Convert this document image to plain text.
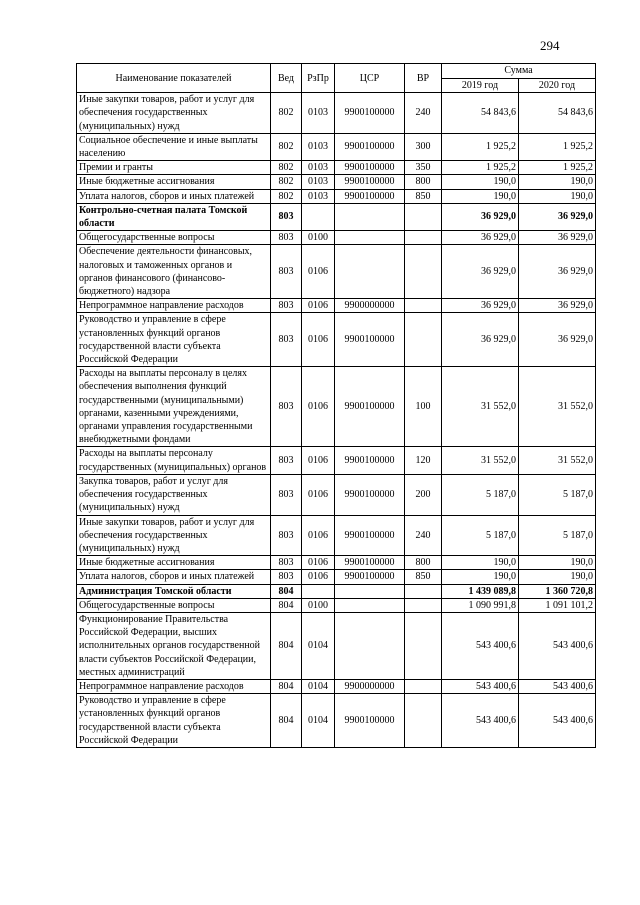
294
Наименование показателей	Вед	РзПр	ЦСР	ВР	Сумма	
					2019 год	2020 год
Иные закупки товаров, работ и услуг для обеспечения государственных (муниципальных) нужд	802	0103	9900100000	240	54 843,6	54 843,6
Социальное обеспечение и иные выплаты населению	802	0103	9900100000	300	1 925,2	1 925,2
Премии и гранты	802	0103	9900100000	350	1 925,2	1 925,2
Иные бюджетные ассигнования	802	0103	9900100000	800	190,0	190,0
Уплата налогов, сборов и иных платежей	802	0103	9900100000	850	190,0	190,0
Контрольно-счетная палата Томской области	803				36 929,0	36 929,0
Общегосударственные вопросы	803	0100			36 929,0	36 929,0
Обеспечение деятельности финансовых, налоговых и таможенных органов и органов финансового (финансово-бюджетного) надзора	803	0106			36 929,0	36 929,0
Непрограммное направление расходов	803	0106	9900000000		36 929,0	36 929,0
Руководство и управление в сфере установленных функций органов государственной власти субъекта Российской Федерации	803	0106	9900100000		36 929,0	36 929,0
Расходы на выплаты персоналу в целях обеспечения выполнения функций государственными (муниципальными) органами, казенными учреждениями, органами управления государственными внебюджетными фондами	803	0106	9900100000	100	31 552,0	31 552,0
Расходы на выплаты персоналу государственных (муниципальных) органов	803	0106	9900100000	120	31 552,0	31 552,0
Закупка товаров, работ и услуг для обеспечения государственных (муниципальных) нужд	803	0106	9900100000	200	5 187,0	5 187,0
Иные закупки товаров, работ и услуг для обеспечения государственных (муниципальных) нужд	803	0106	9900100000	240	5 187,0	5 187,0
Иные бюджетные ассигнования	803	0106	9900100000	800	190,0	190,0
Уплата налогов, сборов и иных платежей	803	0106	9900100000	850	190,0	190,0
Администрация Томской области	804				1 439 089,8	1 360 720,8
Общегосударственные вопросы	804	0100			1 090 991,8	1 091 101,2
Функционирование Правительства Российской Федерации, высших исполнительных органов государственной власти субъектов Российской Федерации, местных администраций	804	0104			543 400,6	543 400,6
Непрограммное направление расходов	804	0104	9900000000		543 400,6	543 400,6
Руководство и управление в сфере установленных функций органов государственной власти субъекта Российской Федерации	804	0104	9900100000		543 400,6	543 400,6
